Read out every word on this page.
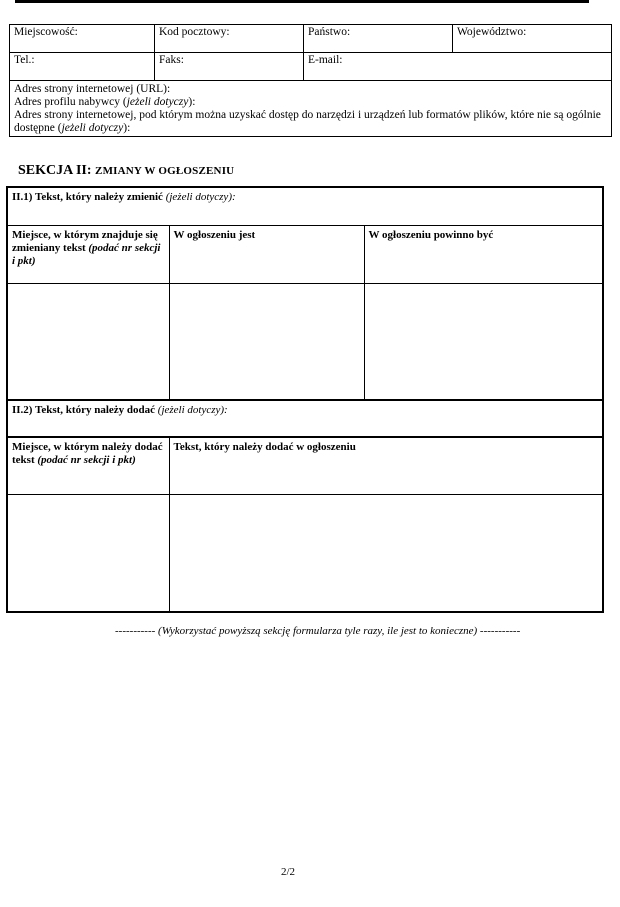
Miejscowość:	Kod pocztowy:	Państwo:	Województwo:
Tel.:	Faks:	E-mail:	

Adres strony internetowej (URL):
Adres profilu nabywcy (jeżeli dotyczy):
Adres strony internetowej, pod którym można uzyskać dostęp do narzędzi i urządzeń lub formatów plików, które nie są ogólnie dostępne (jeżeli dotyczy):			
SEKCJA II: ZMIANY W OGŁOSZENIU
II.1) Tekst, który należy zmienić (jeżeli dotyczy):		
Miejsce, w którym znajduje się zmieniany tekst (podać nr sekcji i pkt)	W ogłoszeniu jest	W ogłoszeniu powinno być

II.2) Tekst, który należy dodać (jeżeli dotyczy):		
Miejsce, w którym należy dodać tekst (podać nr sekcji i pkt)	Tekst, który należy dodać w ogłoszeniu	

----------- (Wykorzystać powyższą sekcję formularza tyle razy, ile jest to konieczne) -----------
2/2
